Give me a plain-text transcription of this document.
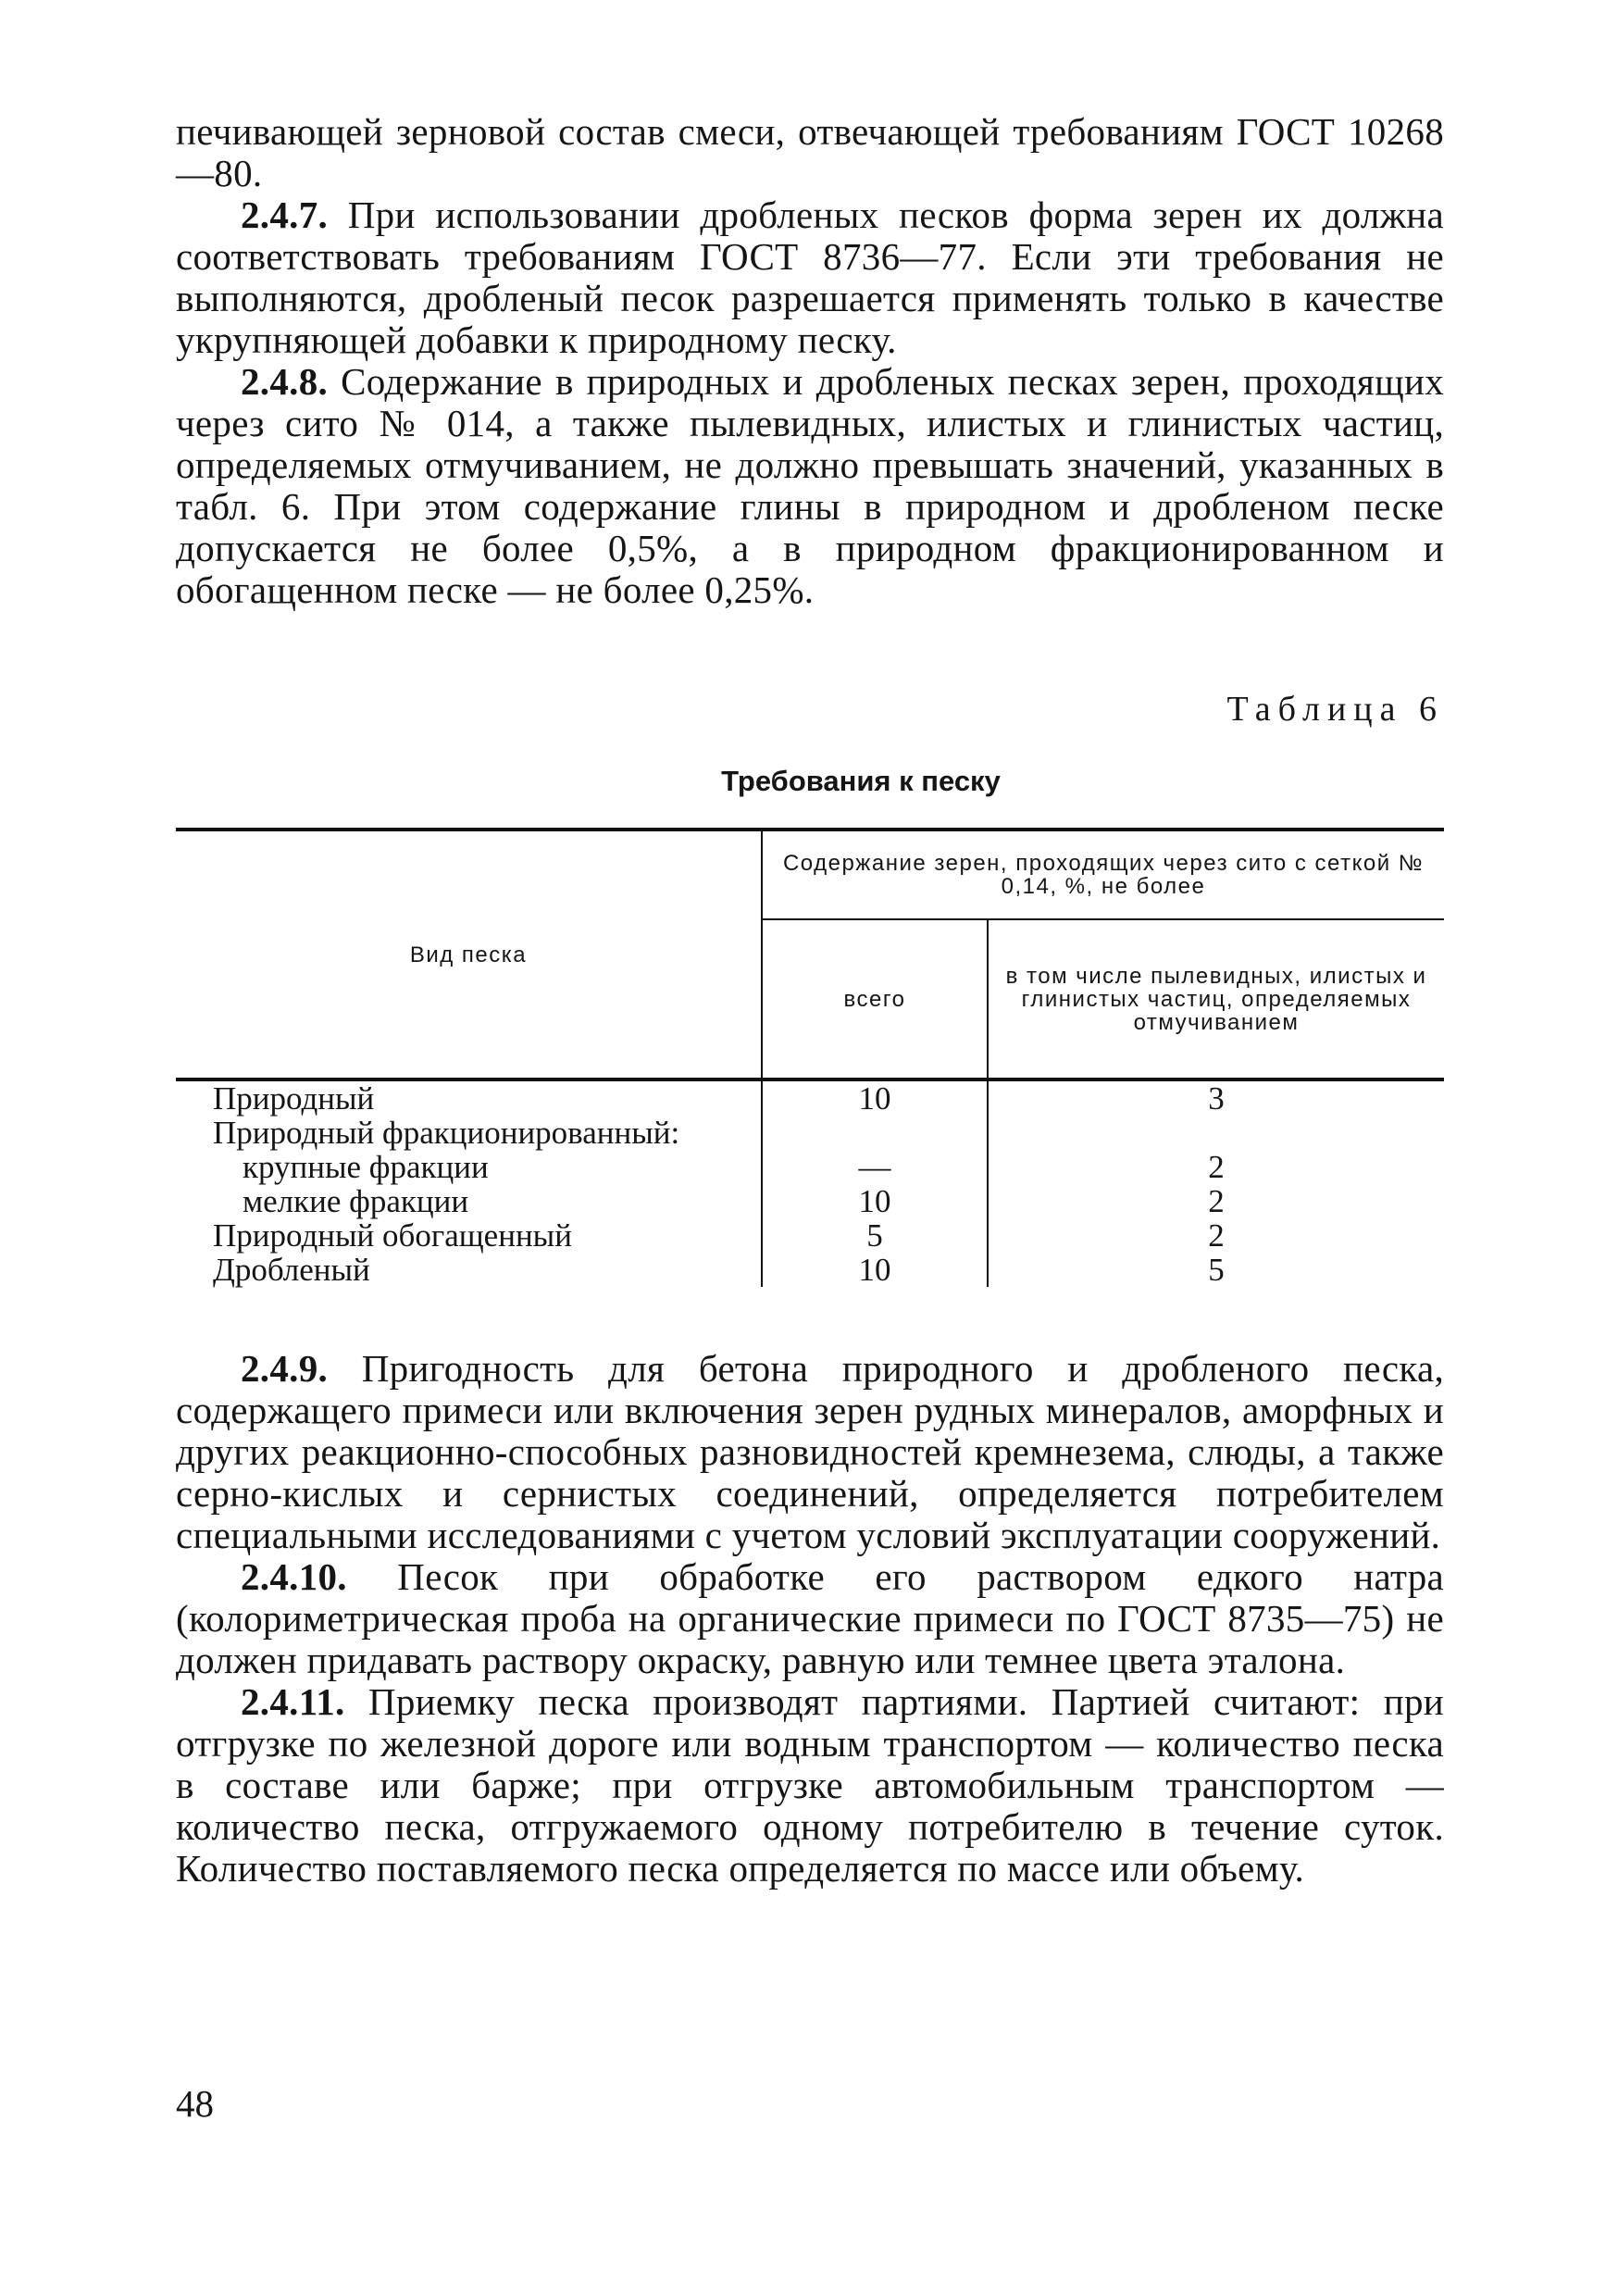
печивающей зерновой состав смеси, отвечающей требованиям ГОСТ 10268—80.

2.4.7. При использовании дробленых песков форма зерен их должна соответствовать требованиям ГОСТ 8736—77. Если эти требования не выполняются, дробленый песок разрешается применять только в качестве укрупняющей добавки к природному песку.

2.4.8. Содержание в природных и дробленых песках зерен, проходящих через сито № 014, а также пылевидных, илистых и глинистых частиц, определяемых отмучиванием, не должно превышать значений, указанных в табл. 6. При этом содержание глины в природном и дробленом песке допускается не более 0,5%, а в природном фракционированном и обогащенном песке — не более 0,25%.

Таблица 6
Требования к песку
Вид песка	Содержание зерен, проходящих через сито с сеткой № 0,14, %, не более	
	всего	в том числе пылевидных, илистых и глинистых частиц, определяемых отмучиванием
Природный	10	3
Природный фракционированный:		
крупные фракции	—	2
мелкие фракции	10	2
Природный обогащенный	5	2
Дробленый	10	5

2.4.9. Пригодность для бетона природного и дробленого песка, содержащего примеси или включения зерен рудных минералов, аморфных и других реакционно-способных разновидностей кремнезема, слюды, а также серно-кислых и сернистых соединений, определяется потребителем специальными исследованиями с учетом условий эксплуатации сооружений.

2.4.10. Песок при обработке его раствором едкого натра (колориметрическая проба на органические примеси по ГОСТ 8735—75) не должен придавать раствору окраску, равную или темнее цвета эталона.

2.4.11. Приемку песка производят партиями. Партией считают: при отгрузке по железной дороге или водным транспортом — количество песка в составе или барже; при отгрузке автомобильным транспортом — количество песка, отгружаемого одному потребителю в течение суток. Количество поставляемого песка определяется по массе или объему.

48
